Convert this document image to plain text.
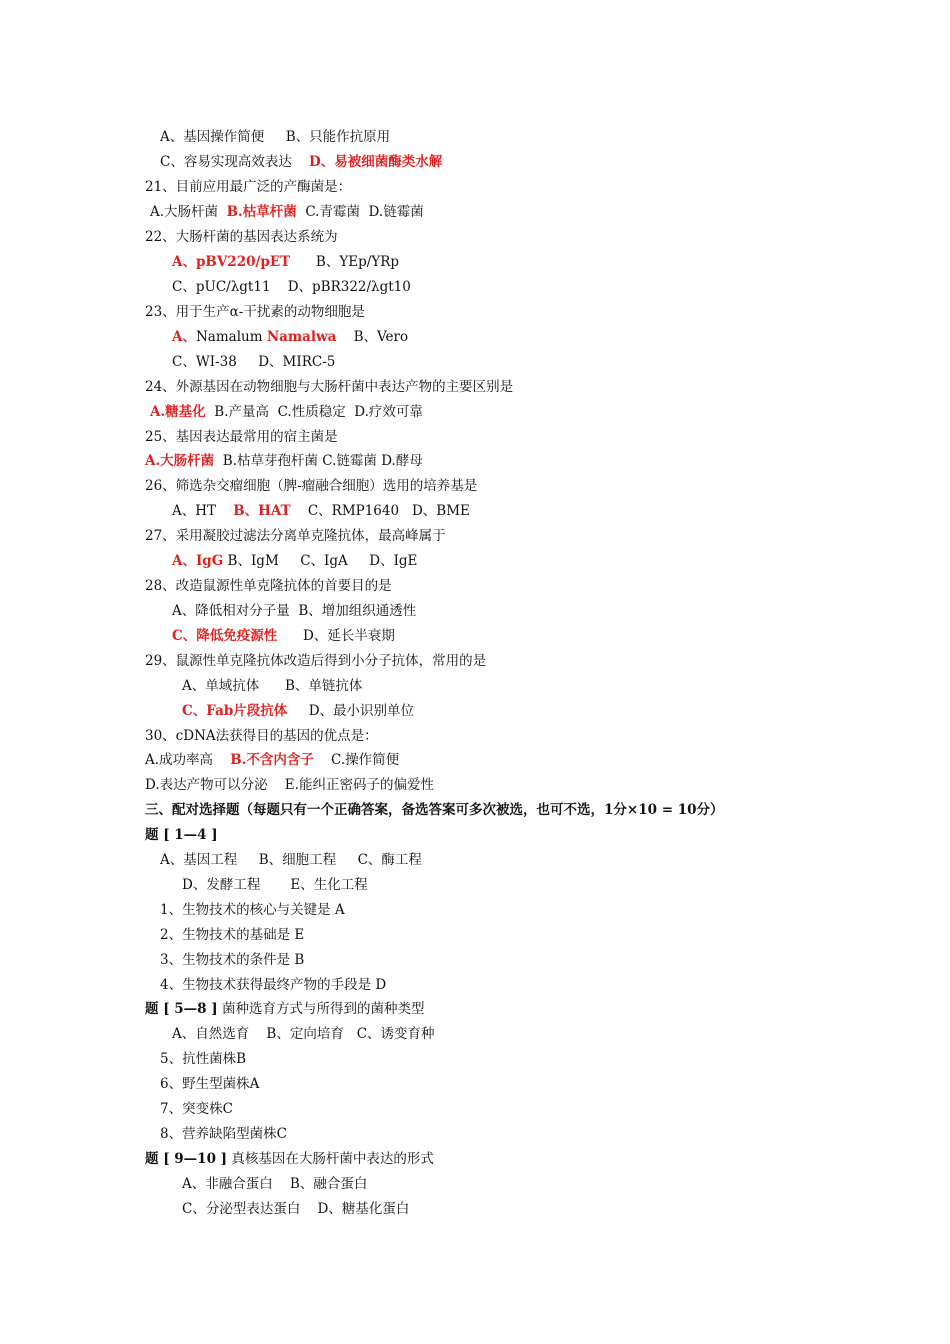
A、基因操作简便     B、只能作抗原用
C、容易实现高效表达    D、易被细菌酶类水解
21、目前应用最广泛的产酶菌是：
A.大肠杆菌  B.枯草杆菌  C.青霉菌  D.链霉菌
22、大肠杆菌的基因表达系统为
A、pBV220/pET      B、YEp/YRp
C、pUC/λgt11    D、pBR322/λgt10
23、用于生产α-干扰素的动物细胞是
A、Namalum Namalwa    B、Vero
C、WI-38     D、MIRC-5
24、外源基因在动物细胞与大肠杆菌中表达产物的主要区别是
A.糖基化  B.产量高  C.性质稳定  D.疗效可靠
25、基因表达最常用的宿主菌是
A.大肠杆菌  B.枯草芽孢杆菌 C.链霉菌 D.酵母
26、筛选杂交瘤细胞（脾-瘤融合细胞）选用的培养基是
A、HT    B、HAT    C、RMP1640   D、BME
27、采用凝胶过滤法分离单克隆抗体，最高峰属于
A、IgG B、IgM     C、IgA     D、IgE
28、改造鼠源性单克隆抗体的首要目的是
A、降低相对分子量  B、增加组织通透性
C、降低免疫源性      D、延长半衰期
29、鼠源性单克隆抗体改造后得到小分子抗体，常用的是
A、单域抗体      B、单链抗体
C、Fab片段抗体     D、最小识别单位
30、cDNA法获得目的基因的优点是：
A.成功率高    B.不含内含子    C.操作简便
D.表达产物可以分泌    E.能纠正密码子的偏爱性
三、配对选择题（每题只有一个正确答案，备选答案可多次被选，也可不选，1分×10 = 10分）
题 [ 1—4 ]
A、基因工程     B、细胞工程     C、酶工程
D、发酵工程       E、生化工程
1、生物技术的核心与关键是 A
2、生物技术的基础是 E
3、生物技术的条件是 B
4、生物技术获得最终产物的手段是 D
题 [ 5—8 ] 菌种选育方式与所得到的菌种类型
A、自然选育    B、定向培育   C、诱变育种
5、抗性菌株B
6、野生型菌株A
7、突变株C
8、营养缺陷型菌株C
题 [ 9—10 ] 真核基因在大肠杆菌中表达的形式
A、非融合蛋白    B、融合蛋白
C、分泌型表达蛋白    D、糖基化蛋白
